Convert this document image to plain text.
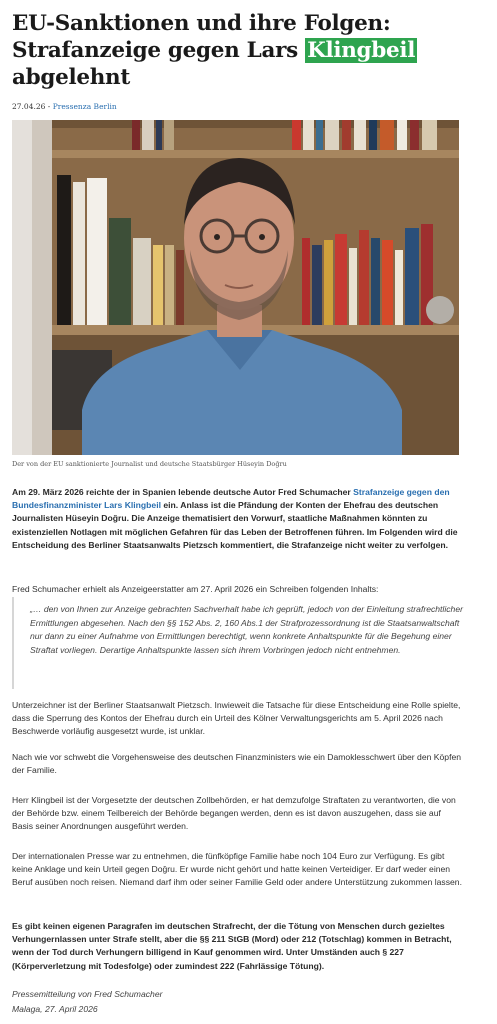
EU-Sanktionen und ihre Folgen:
Strafanzeige gegen Lars Klingbeil
abgelehnt
27.04.26 - Pressenza Berlin
Der von der EU sanktionierte Journalist und deutsche Staatsbürger Hüseyin Doğru

Am 29. März 2026 reichte der in Spanien lebende deutsche Autor Fred Schumacher Strafanzeige gegen den Bundesfinanzminister Lars Klingbeil ein. Anlass ist die Pfändung der Konten der Ehefrau des deutschen Journalisten Hüseyin Doğru. Die Anzeige thematisiert den Vorwurf, staatliche Maßnahmen könnten zu existenziellen Notlagen mit möglichen Gefahren für das Leben der Betroffenen führen. Im Folgenden wird die Entscheidung des Berliner Staatsanwalts Pietzsch kommentiert, die Strafanzeige nicht weiter zu verfolgen.

Fred Schumacher erhielt als Anzeigeerstatter am 27. April 2026 ein Schreiben folgenden Inhalts:

„… den von Ihnen zur Anzeige gebrachten Sachverhalt habe ich geprüft, jedoch von der Einleitung strafrechtlicher Ermittlungen abgesehen. Nach den §§ 152 Abs. 2, 160 Abs.1 der Strafprozessordnung ist die Staatsanwaltschaft nur dann zu einer Aufnahme von Ermittlungen berechtigt, wenn konkrete Anhaltspunkte für die Begehung einer Straftat vorliegen. Derartige Anhaltspunkte lassen sich ihrem Vorbringen jedoch nicht entnehmen.

Unterzeichner ist der Berliner Staatsanwalt Pietzsch. Inwieweit die Tatsache für diese Entscheidung eine Rolle spielte, dass die Sperrung des Kontos der Ehefrau durch ein Urteil des Kölner Verwaltungsgerichts am 5. April 2026 nach Beschwerde vorläufig ausgesetzt wurde, ist unklar.

Nach wie vor schwebt die Vorgehensweise des deutschen Finanzministers wie ein Damoklesschwert über den Köpfen der Familie.

Herr Klingbeil ist der Vorgesetzte der deutschen Zollbehörden, er hat demzufolge Straftaten zu verantworten, die von der Behörde bzw. einem Teilbereich der Behörde begangen werden, denn es ist davon auszugehen, dass sie auf Basis seiner Anordnungen ausgeführt werden.

Der internationalen Presse war zu entnehmen, die fünfköpfige Familie habe noch 104 Euro zur Verfügung. Es gibt keine Anklage und kein Urteil gegen Doğru. Er wurde nicht gehört und hatte keinen Verteidiger. Er darf weder einen Beruf ausüben noch reisen. Niemand darf ihm oder seiner Familie Geld oder andere Unterstützung zukommen lassen.

Es gibt keinen eigenen Paragrafen im deutschen Strafrecht, der die Tötung von Menschen durch gezieltes Verhungernlassen unter Strafe stellt, aber die §§ 211 StGB (Mord) oder 212 (Totschlag) kommen in Betracht, wenn der Tod durch Verhungern billigend in Kauf genommen wird. Unter Umständen auch § 227 (Körperverletzung mit Todesfolge) oder zumindest 222 (Fahrlässige Tötung).

Pressemitteilung von Fred Schumacher
Malaga, 27. April 2026
